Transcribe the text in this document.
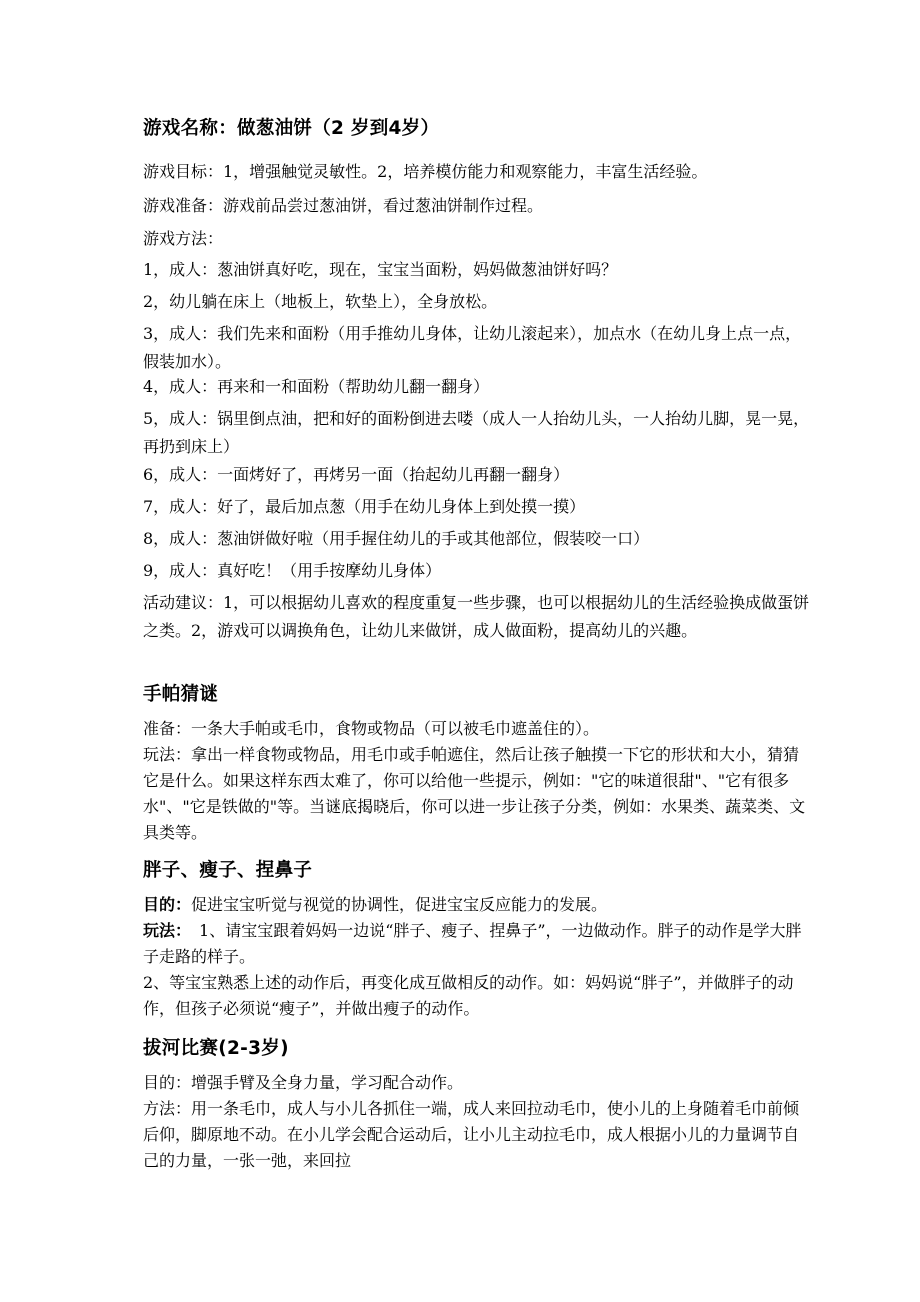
游戏名称：做葱油饼（2 岁到4岁）
游戏目标：1，增强触觉灵敏性。2，培养模仿能力和观察能力，丰富生活经验。
游戏准备：游戏前品尝过葱油饼，看过葱油饼制作过程。
游戏方法：
1，成人：葱油饼真好吃，现在，宝宝当面粉，妈妈做葱油饼好吗？
2，幼儿躺在床上（地板上，软垫上），全身放松。
3，成人：我们先来和面粉（用手推幼儿身体，让幼儿滚起来），加点水（在幼儿身上点一点，假装加水）。
4，成人：再来和一和面粉（帮助幼儿翻一翻身）
5，成人：锅里倒点油，把和好的面粉倒进去喽（成人一人抬幼儿头，一人抬幼儿脚，晃一晃，再扔到床上）
6，成人：一面烤好了，再烤另一面（抬起幼儿再翻一翻身）
7，成人：好了，最后加点葱（用手在幼儿身体上到处摸一摸）
8，成人：葱油饼做好啦（用手握住幼儿的手或其他部位，假装咬一口）
9，成人：真好吃！（用手按摩幼儿身体）
活动建议：1，可以根据幼儿喜欢的程度重复一些步骤，也可以根据幼儿的生活经验换成做蛋饼之类。2，游戏可以调换角色，让幼儿来做饼，成人做面粉，提高幼儿的兴趣。
手帕猜谜
准备：一条大手帕或毛巾，食物或物品（可以被毛巾遮盖住的）。
玩法：拿出一样食物或物品，用毛巾或手帕遮住，然后让孩子触摸一下它的形状和大小，猜猜它是什么。如果这样东西太难了，你可以给他一些提示，例如："它的味道很甜"、"它有很多水"、"它是铁做的"等。当谜底揭晓后，你可以进一步让孩子分类，例如：水果类、蔬菜类、文具类等。
胖子、瘦子、捏鼻子
目的：促进宝宝听觉与视觉的协调性，促进宝宝反应能力的发展。
玩法：　1、请宝宝跟着妈妈一边说“胖子、瘦子、捏鼻子”，一边做动作。胖子的动作是学大胖子走路的样子。
2、等宝宝熟悉上述的动作后，再变化成互做相反的动作。如：妈妈说“胖子”，并做胖子的动作，但孩子必须说“瘦子”，并做出瘦子的动作。
拔河比赛(2-3岁)
目的：增强手臂及全身力量，学习配合动作。
方法：用一条毛巾，成人与小儿各抓住一端，成人来回拉动毛巾，使小儿的上身随着毛巾前倾后仰，脚原地不动。在小儿学会配合运动后，让小儿主动拉毛巾，成人根据小儿的力量调节自己的力量，一张一弛，来回拉
